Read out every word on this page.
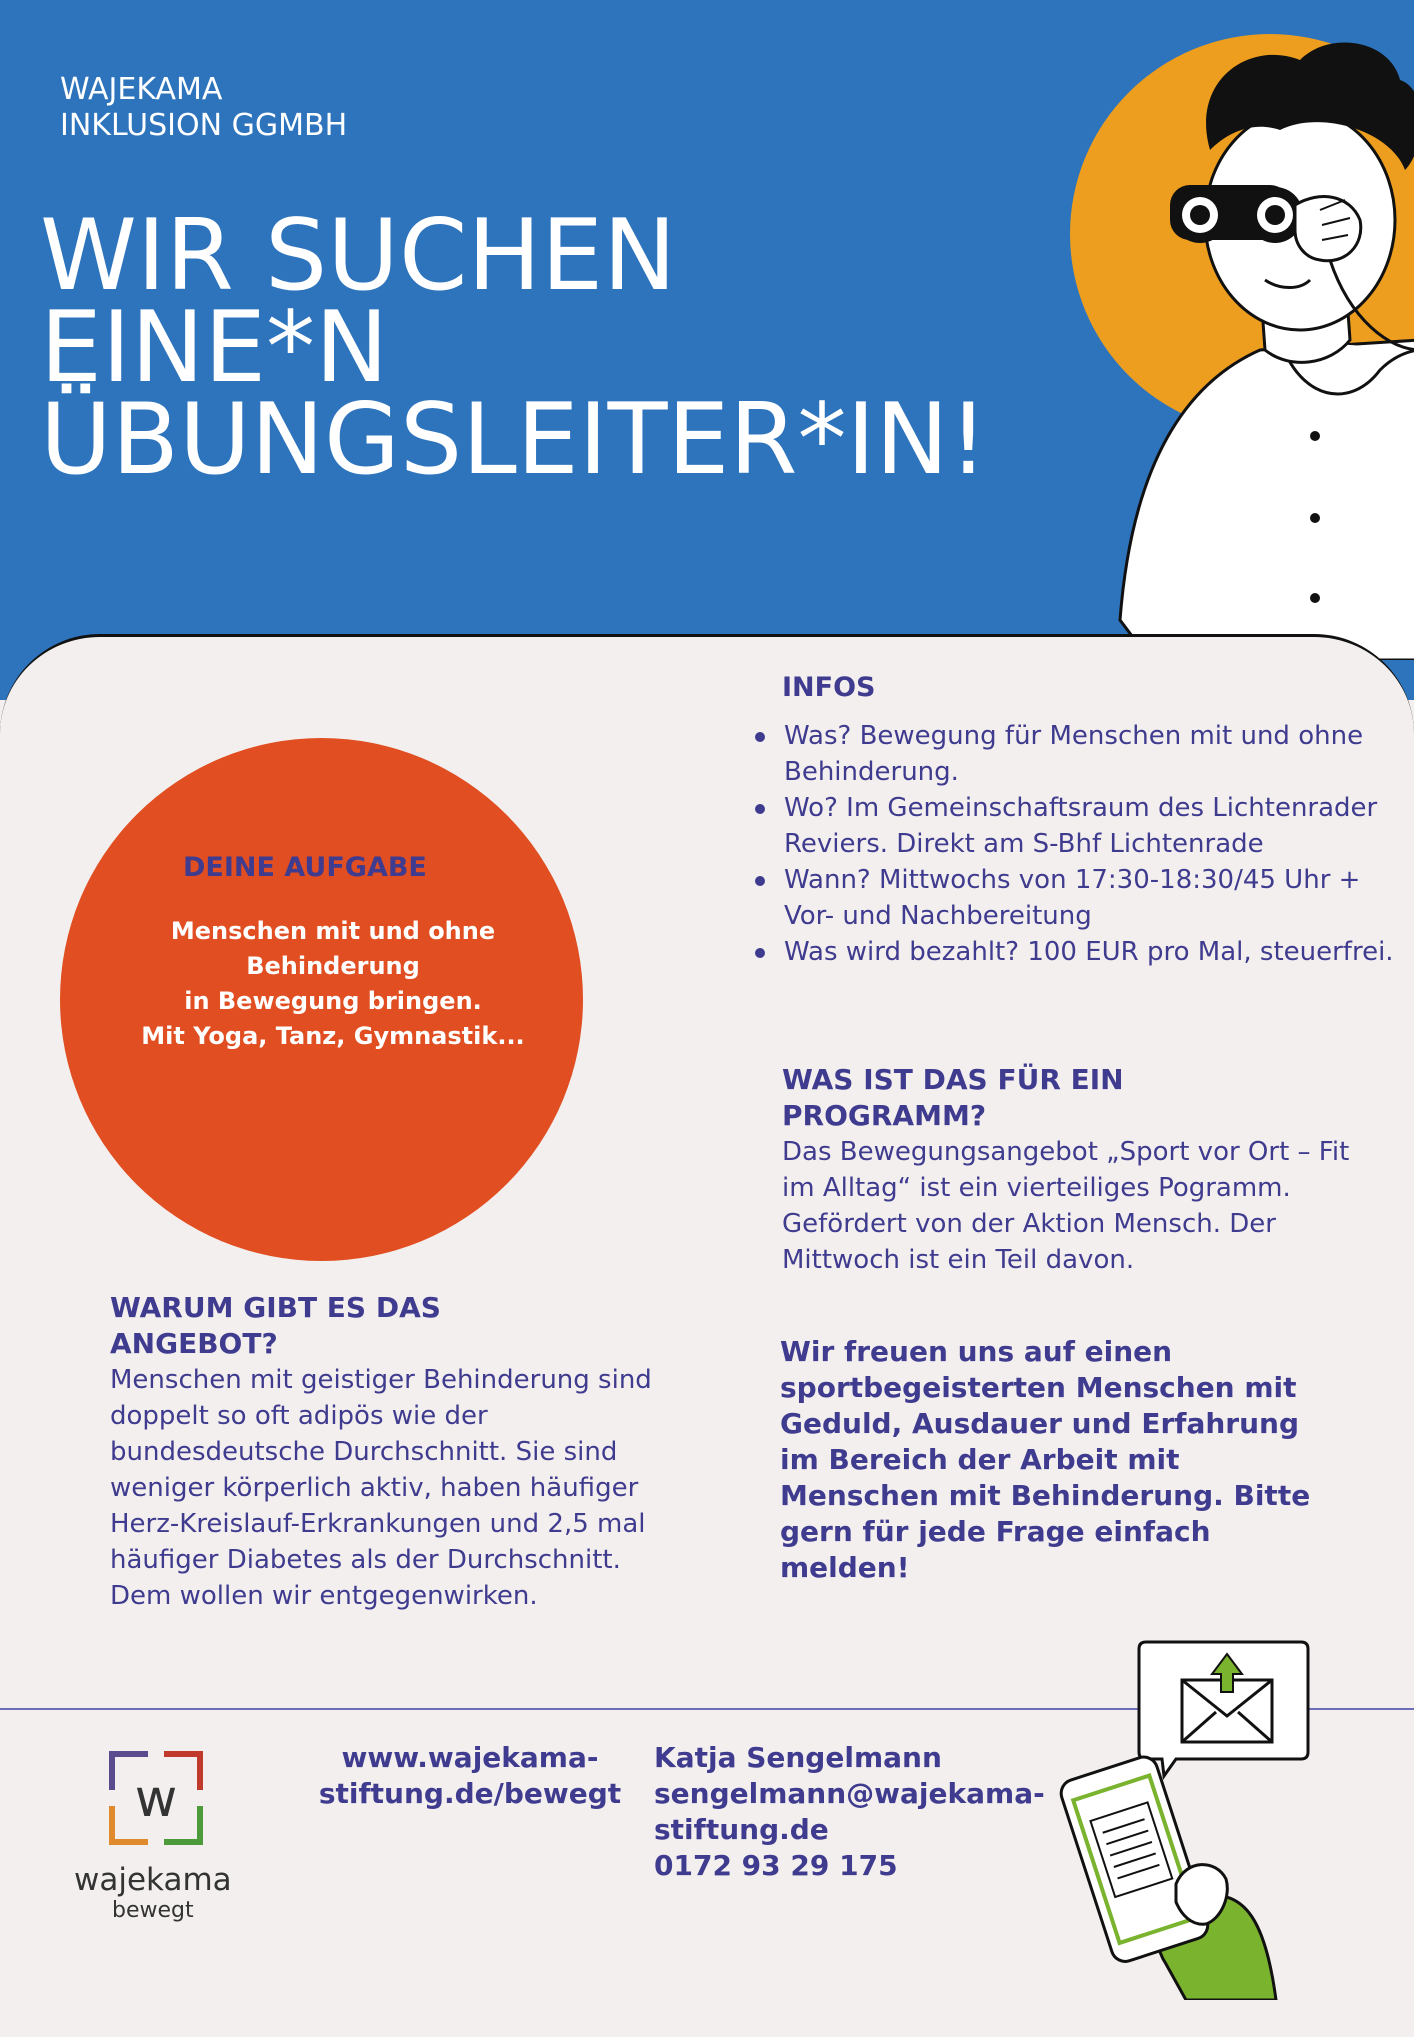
WAJEKAMA
INKLUSION GGMBH
WIR SUCHEN
EINE*N
ÜBUNGSLEITER*IN!
DEINE AUFGABE
Menschen mit und ohne
Behinderung
in Bewegung bringen.
Mit Yoga, Tanz, Gymnastik...
INFOS
Was? Bewegung für Menschen mit und ohne Behinderung.
Wo? Im Gemeinschaftsraum des Lichtenrader Reviers. Direkt am S-Bhf Lichtenrade
Wann? Mittwochs von 17:30-18:30/45 Uhr + Vor- und Nachbereitung
Was wird bezahlt? 100 EUR pro Mal, steuerfrei.
WAS IST DAS FÜR EIN PROGRAMM?
Das Bewegungsangebot „Sport vor Ort – Fit im Alltag“ ist ein vierteiliges Pogramm. Gefördert von der Aktion Mensch. Der Mittwoch ist ein Teil davon.
WARUM GIBT ES DAS ANGEBOT?
Menschen mit geistiger Behinderung sind doppelt so oft adipös wie der bundesdeutsche Durchschnitt. Sie sind weniger körperlich aktiv, haben häufiger Herz-Kreislauf-Erkrankungen und 2,5 mal häufiger Diabetes als der Durchschnitt. Dem wollen wir entgegenwirken.
Wir freuen uns auf einen sportbegeisterten Menschen mit Geduld, Ausdauer und Erfahrung im Bereich der Arbeit mit Menschen mit Behinderung. Bitte gern für jede Frage einfach melden!
w
wajekama
bewegt
www.wajekama-
stiftung.de/bewegt
Katja Sengelmann
sengelmann@wajekama-
stiftung.de
0172 93 29 175
